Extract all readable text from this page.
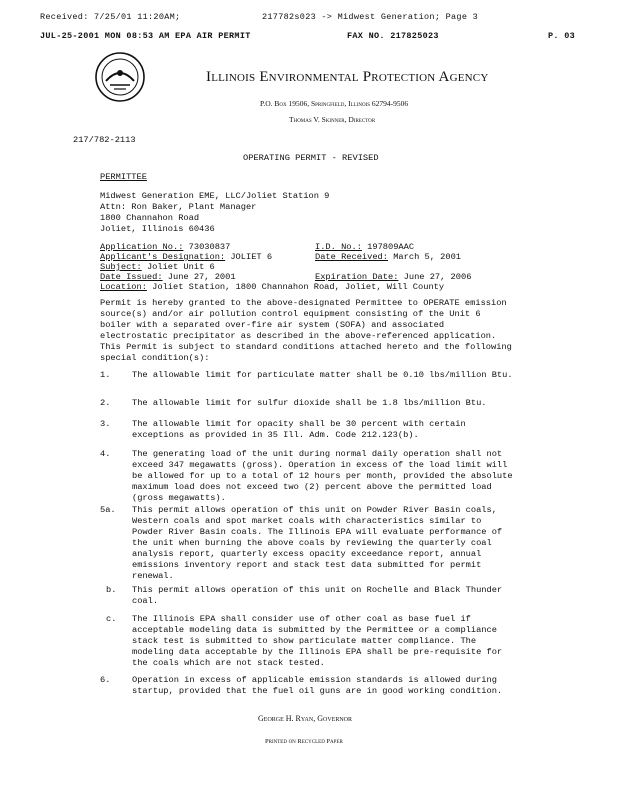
Received: 7/25/01 11:20AM;	217782s023 -> Midwest Generation; Page 3
JUL-25-2001 MON 08:53 AM EPA AIR PERMIT	FAX NO. 217825023	P. 03
Illinois Environmental Protection Agency
P.O. Box 19506, Springfield, Illinois 62794-9506
Thomas V. Skinner, Director
217/782-2113
OPERATING PERMIT - REVISED
PERMITTEE
Midwest Generation EME, LLC/Joliet Station 9
Attn: Ron Baker, Plant Manager
1800 Channahon Road
Joliet, Illinois 60436
Application No.: 73030837	I.D. No.: 197809AAC
Applicant's Designation: JOLIET 6	Date Received: March 5, 2001
Subject: Joliet Unit 6
Date Issued: June 27, 2001	Expiration Date: June 27, 2006
Location: Joliet Station, 1800 Channahon Road, Joliet, Will County
Permit is hereby granted to the above-designated Permittee to OPERATE emission source(s) and/or air pollution control equipment consisting of the Unit 6 boiler with a separated over-fire air system (SOFA) and associated electrostatic precipitator as described in the above-referenced application. This Permit is subject to standard conditions attached hereto and the following special condition(s):
1. The allowable limit for particulate matter shall be 0.10 lbs/million Btu.
2. The allowable limit for sulfur dioxide shall be 1.8 lbs/million Btu.
3. The allowable limit for opacity shall be 30 percent with certain exceptions as provided in 35 Ill. Adm. Code 212.123(b).
4. The generating load of the unit during normal daily operation shall not exceed 347 megawatts (gross). Operation in excess of the load limit will be allowed for up to a total of 12 hours per month, provided the absolute maximum load does not exceed two (2) percent above the permitted load (gross megawatts).
5a. This permit allows operation of this unit on Powder River Basin coals, Western coals and spot market coals with characteristics similar to Powder River Basin coals. The Illinois EPA will evaluate performance of the unit when burning the above coals by reviewing the quarterly coal analysis report, quarterly excess opacity exceedance report, annual emissions inventory report and stack test data submitted for permit renewal.
b. This permit allows operation of this unit on Rochelle and Black Thunder coal.
c. The Illinois EPA shall consider use of other coal as base fuel if acceptable modeling data is submitted by the Permittee or a compliance stack test is submitted to show particulate matter compliance. The modeling data acceptable by the Illinois EPA shall be pre-requisite for the coals which are not stack tested.
6. Operation in excess of applicable emission standards is allowed during startup, provided that the fuel oil guns are in good working condition.
George H. Ryan, Governor
Printed on Recycled Paper
